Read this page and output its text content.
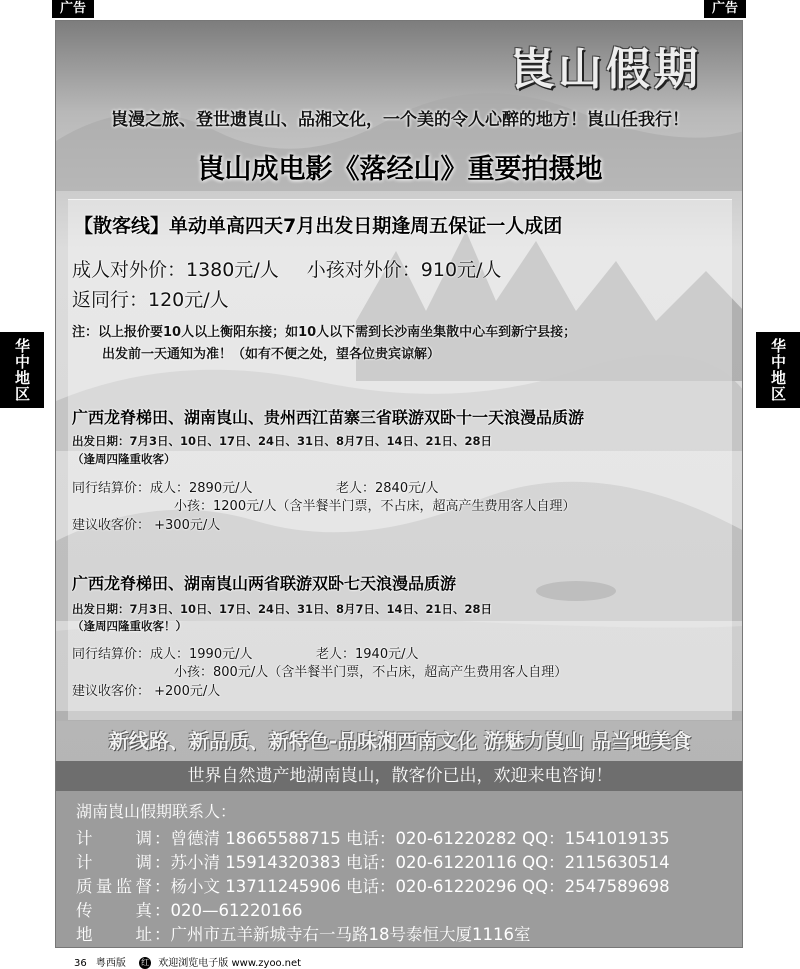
广告	广告
华中地区	华中地区
崀山假期
崀漫之旅、登世遗崀山、品湘文化，一个美的令人心醉的地方！崀山任我行！
崀山成电影《落经山》重要拍摄地
【散客线】单动单高四天7月出发日期逢周五保证一人成团
成人对外价：1380元/人 小孩对外价：910元/人
返同行：120元/人
注：以上报价要10人以上衡阳东接；如10人以下需到长沙南坐集散中心车到新宁县接；
出发前一天通知为准！（如有不便之处，望各位贵宾谅解）
广西龙脊梯田、湖南崀山、贵州西江苗寨三省联游双卧十一天浪漫品质游
出发日期：7月3日、10日、17日、24日、31日、8月7日、14日、21日、28日
（逢周四隆重收客）
同行结算价：成人：2890元/人	老人：2840元/人
小孩：1200元/人（含半餐半门票，不占床，超高产生费用客人自理）
建议收客价： +300元/人
广西龙脊梯田、湖南崀山两省联游双卧七天浪漫品质游
出发日期：7月3日、10日、17日、24日、31日、8月7日、14日、21日、28日
（逢周四隆重收客！）
同行结算价：成人：1990元/人	老人：1940元/人
小孩：800元/人（含半餐半门票，不占床，超高产生费用客人自理）
建议收客价： +200元/人
新线路、新品质、新特色-品味湘西南文化 游魅力崀山 品当地美食
世界自然遗产地湖南崀山，散客价已出，欢迎来电咨询！
湖南崀山假期联系人：
计调 ：曾德清 18665588715 电话：020-61220282 QQ：1541019135
计调 ：苏小清 15914320383 电话：020-61220116 QQ：2115630514
质量监督 ：杨小文 13711245906 电话：020-61220296 QQ：2547589698
传真 ：020—61220166
地址 ：广州市五羊新城寺右一马路18号泰恒大厦1116室
36 粤西版 红 欢迎浏览电子版 www.zyoo.net
